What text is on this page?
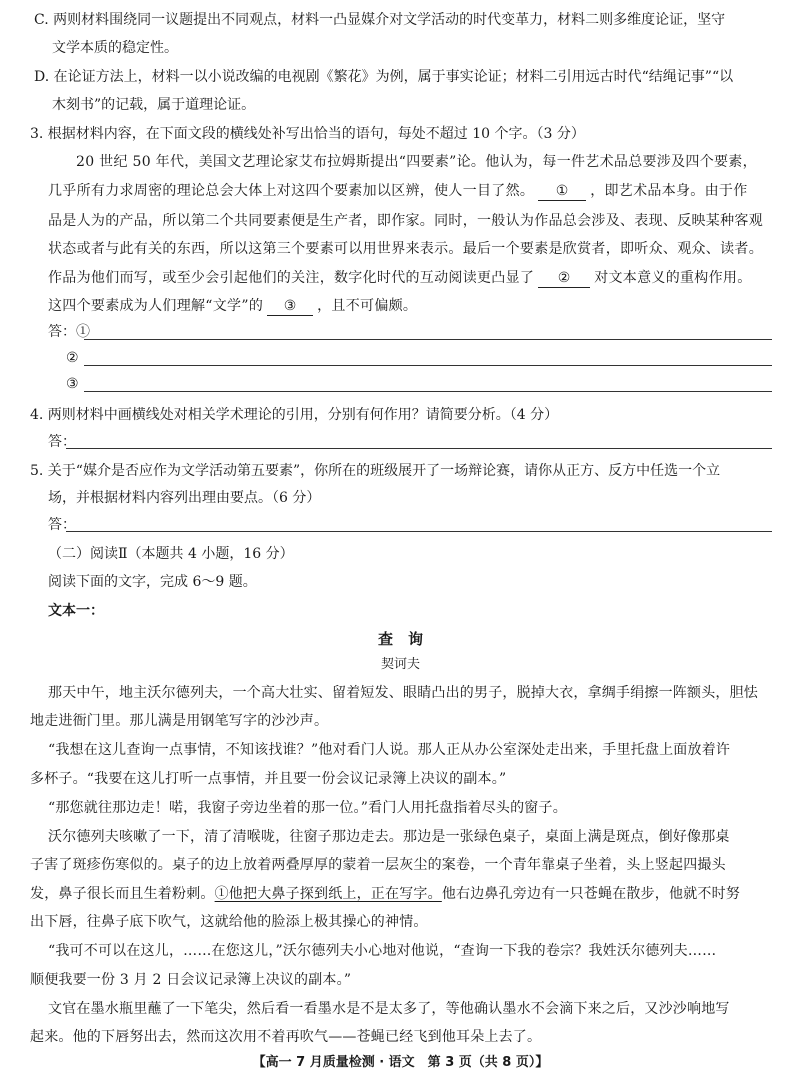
C. 两则材料围绕同一议题提出不同观点，材料一凸显媒介对文学活动的时代变革力，材料二则多维度论证，坚守
文学本质的稳定性。
D. 在论证方法上，材料一以小说改编的电视剧《繁花》为例，属于事实论证；材料二引用远古时代“结绳记事”“以
木刻书”的记载，属于道理论证。
3. 根据材料内容，在下面文段的横线处补写出恰当的语句，每处不超过 10 个字。（3 分）
20 世纪 50 年代，美国文艺理论家艾布拉姆斯提出“四要素”论。他认为，每一件艺术品总要涉及四个要素，
几乎所有力求周密的理论总会大体上对这四个要素加以区辨，使人一目了然。 ① ，即艺术品本身。由于作
品是人为的产品，所以第二个共同要素便是生产者，即作家。同时，一般认为作品总会涉及、表现、反映某种客观
状态或者与此有关的东西，所以这第三个要素可以用世界来表示。最后一个要素是欣赏者，即听众、观众、读者。
作品为他们而写，或至少会引起他们的关注，数字化时代的互动阅读更凸显了 ② 对文本意义的重构作用。
这四个要素成为人们理解“文学”的 ③ ，且不可偏颇。
答：①
②
③
4. 两则材料中画横线处对相关学术理论的引用，分别有何作用？请简要分析。（4 分）
答：
5. 关于“媒介是否应作为文学活动第五要素”，你所在的班级展开了一场辩论赛，请你从正方、反方中任选一个立
场，并根据材料内容列出理由要点。（6 分）
答：
（二）阅读Ⅱ（本题共 4 小题，16 分）
阅读下面的文字，完成 6～9 题。
文本一：
查　询
契诃夫
那天中午，地主沃尔德列夫，一个高大壮实、留着短发、眼睛凸出的男子，脱掉大衣，拿绸手绢擦一阵额头，胆怯
地走进衙门里。那儿满是用钢笔写字的沙沙声。
“我想在这儿查询一点事情，不知该找谁？”他对看门人说。那人正从办公室深处走出来，手里托盘上面放着许
多杯子。“我要在这儿打听一点事情，并且要一份会议记录簿上决议的副本。”
“那您就往那边走！喏，我窗子旁边坐着的那一位。”看门人用托盘指着尽头的窗子。
沃尔德列夫咳嗽了一下，清了清喉咙，往窗子那边走去。那边是一张绿色桌子，桌面上满是斑点，倒好像那桌
子害了斑疹伤寒似的。桌子的边上放着两叠厚厚的蒙着一层灰尘的案卷，一个青年靠桌子坐着，头上竖起四撮头
发，鼻子很长而且生着粉刺。①他把大鼻子探到纸上，正在写字。他右边鼻孔旁边有一只苍蝇在散步，他就不时努
出下唇，往鼻子底下吹气，这就给他的脸添上极其操心的神情。
“我可不可以在这儿，……在您这儿，”沃尔德列夫小心地对他说，“查询一下我的卷宗？我姓沃尔德列夫……
顺便我要一份 3 月 2 日会议记录簿上决议的副本。”
文官在墨水瓶里蘸了一下笔尖，然后看一看墨水是不是太多了，等他确认墨水不会滴下来之后，又沙沙响地写
起来。他的下唇努出去，然而这次用不着再吹气——苍蝇已经飞到他耳朵上去了。
【高一 7 月质量检测 · 语文　第 3 页（共 8 页）】
